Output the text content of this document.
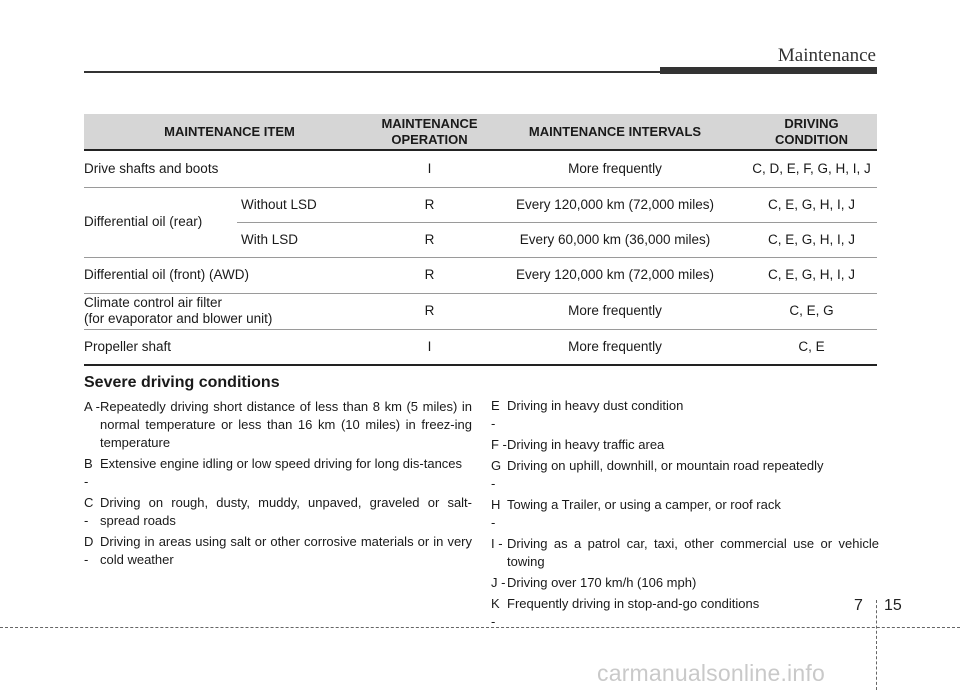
Maintenance
MAINTENANCE ITEM		MAINTENANCE OPERATION	MAINTENANCE INTERVALS	DRIVING CONDITION
Drive shafts and boots		I	More frequently	C, D, E, F, G, H, I, J
Differential oil (rear)	Without LSD	R	Every 120,000 km (72,000 miles)	C, E, G, H, I, J
	With LSD	R	Every 60,000 km (36,000 miles)	C, E, G, H, I, J
Differential oil (front) (AWD)		R	Every 120,000 km (72,000 miles)	C, E, G, H, I, J

Climate control air filter
(for evaporator and blower unit)		R	More frequently	C, E, G
Propeller shaft		I	More frequently	C, E
Severe driving conditions
A - Repeatedly driving short distance of less than 8 km (5 miles) in normal temperature or less than 16 km (10 miles) in freez-ing temperature
B -
Extensive engine idling or low speed driving for long dis-tances
C -
Driving on rough, dusty, muddy, unpaved, graveled or salt-spread roads
D -
Driving in areas using salt or other corrosive materials or in very cold weather
E -
Driving in heavy dust condition
F - Driving in heavy traffic area
G -
Driving on uphill, downhill, or mountain road repeatedly
H -
Towing a Trailer, or using a camper, or roof rack
I - Driving as a patrol car, taxi, other commercial use or vehicle towing
J - Driving over 170 km/h (106 mph)
K -
Frequently driving in stop-and-go conditions	7 15
carmanualsonline.info
